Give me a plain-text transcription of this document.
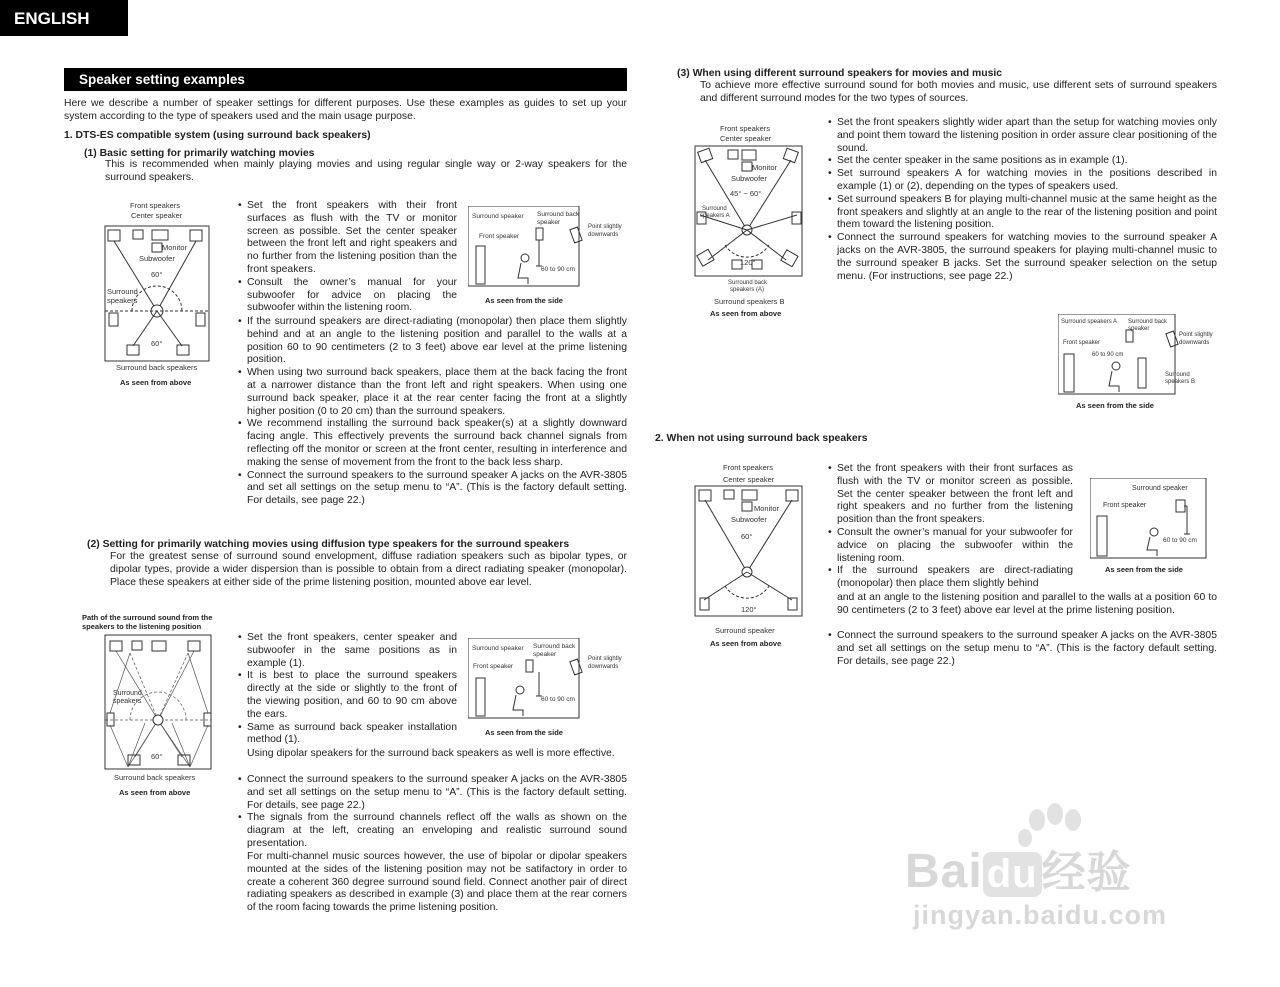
ENGLISH
Speaker setting examples

Here we describe a number of speaker settings for different purposes. Use these examples as guides to set up your system according to the type of speakers used and the main usage purpose.

1. DTS-ES compatible system (using surround back speakers)

(1) Basic setting for primarily watching movies

This is recommended when mainly playing movies and using regular single way or 2-way speakers for the surround speakers.

Front speakers
Center speaker
Monitor
Subwoofer
60°
Surround
speakers
60°
Surround back speakers
As seen from above
• Set the front speakers with their front surfaces as flush with the TV or monitor screen as possible. Set the center speaker between the front left and right speakers and no further from the listening position than the front speakers.
• Consult the owner’s manual for your subwoofer for advice on placing the subwoofer within the listening room.
• If the surround speakers are direct-radiating (monopolar) then place them slightly behind and at an angle to the listening position and parallel to the walls at a position 60 to 90 centimeters (2 to 3 feet) above ear level at the prime listening position.
• When using two surround back speakers, place them at the back facing the front at a narrower distance than the front left and right speakers. When using one surround back speaker, place it at the rear center facing the front at a slightly higher position (0 to 20 cm) than the surround speakers.
• We recommend installing the surround back speaker(s) at a slightly downward facing angle. This effectively prevents the surround back channel signals from reflecting off the monitor or screen at the front center, resulting in interference and making the sense of movement from the front to the back less sharp.
• Connect the surround speakers to the surround speaker A jacks on the AVR-3805 and set all settings on the setup menu to “A”. (This is the factory default setting. For details, see page 22.)
Surround speaker Surround back
speaker
Front speaker
Point slightly
downwards
60 to 90 cm
As seen from the side

(2) Setting for primarily watching movies using diffusion type speakers for the surround speakers

For the greatest sense of surround sound envelopment, diffuse radiation speakers such as bipolar types, or dipolar types, provide a wider dispersion than is possible to obtain from a direct radiating speaker (monopolar). Place these speakers at either side of the prime listening position, mounted above ear level.

Path of the surround sound from the speakers to the listening position

Surround
speakers
60°
Surround back speakers
As seen from above
• Set the front speakers, center speaker and subwoofer in the same positions as in example (1).
• It is best to place the surround speakers directly at the side or slightly to the front of the viewing position, and 60 to 90 cm above the ears.
• Same as surround back speaker installation method (1).

Using dipolar speakers for the surround back speakers as well is more effective.

• Connect the surround speakers to the surround speaker A jacks on the AVR-3805 and set all settings on the setup menu to “A”. (This is the factory default setting. For details, see page 22.)
• The signals from the surround channels reflect off the walls as shown on the diagram at the left, creating an enveloping and realistic surround sound presentation.

For multi-channel music sources however, the use of bipolar or dipolar speakers mounted at the sides of the listening position may not be satifactory in order to create a coherent 360 degree surround sound field. Connect another pair of direct radiating speakers as described in example (3) and place them at the rear corners of the room facing towards the prime listening position.

Surround speaker Surround back
speaker
Front speaker
Point slightly
downwards
60 to 90 cm
As seen from the side

(3) When using different surround speakers for movies and music

To achieve more effective surround sound for both movies and music, use different sets of surround speakers and different surround modes for the two types of sources.

Front speakers
Center speaker
Monitor
Subwoofer
45° ~ 60°
Surround
speakers A
120°
Surround back
speakers (A)
Surround speakers B
As seen from above
• Set the front speakers slightly wider apart than the setup for watching movies only and point them toward the listening position in order assure clear positioning of the sound.
• Set the center speaker in the same positions as in example (1).
• Set surround speakers A for watching movies in the positions described in example (1) or (2), depending on the types of speakers used.
• Set surround speakers B for playing multi-channel music at the same height as the front speakers and slightly at an angle to the rear of the listening position and point them toward the listening position.
• Connect the surround speakers for watching movies to the surround speaker A jacks on the AVR-3805, the surround speakers for playing multi-channel music to the surround speaker B jacks. Set the surround speaker selection on the setup menu. (For instructions, see page 22.)
Surround speakers A Surround back
speaker
Front speaker
Point slightly
downwards
60 to 90 cm
Surround
speakers B
As seen from the side

2. When not using surround back speakers

Front speakers
Center speaker
Monitor
Subwoofer
60°
120°
Surround speaker
As seen from above
• Set the front speakers with their front surfaces as flush with the TV or monitor screen as possible. Set the center speaker between the front left and right speakers and no further from the listening position than the front speakers.
• Consult the owner’s manual for your subwoofer for advice on placing the subwoofer within the listening room.
• If the surround speakers are direct-radiating (monopolar) then place them slightly behind

and at an angle to the listening position and parallel to the walls at a position 60 to 90 centimeters (2 to 3 feet) above ear level at the prime listening position.

• Connect the surround speakers to the surround speaker A jacks on the AVR-3805 and set all settings on the setup menu to “A”. (This is the factory default setting. For details, see page 22.)
Surround speaker
Front speaker
60 to 90 cm
As seen from the side
Bai du经验
jingyan.baidu.com
